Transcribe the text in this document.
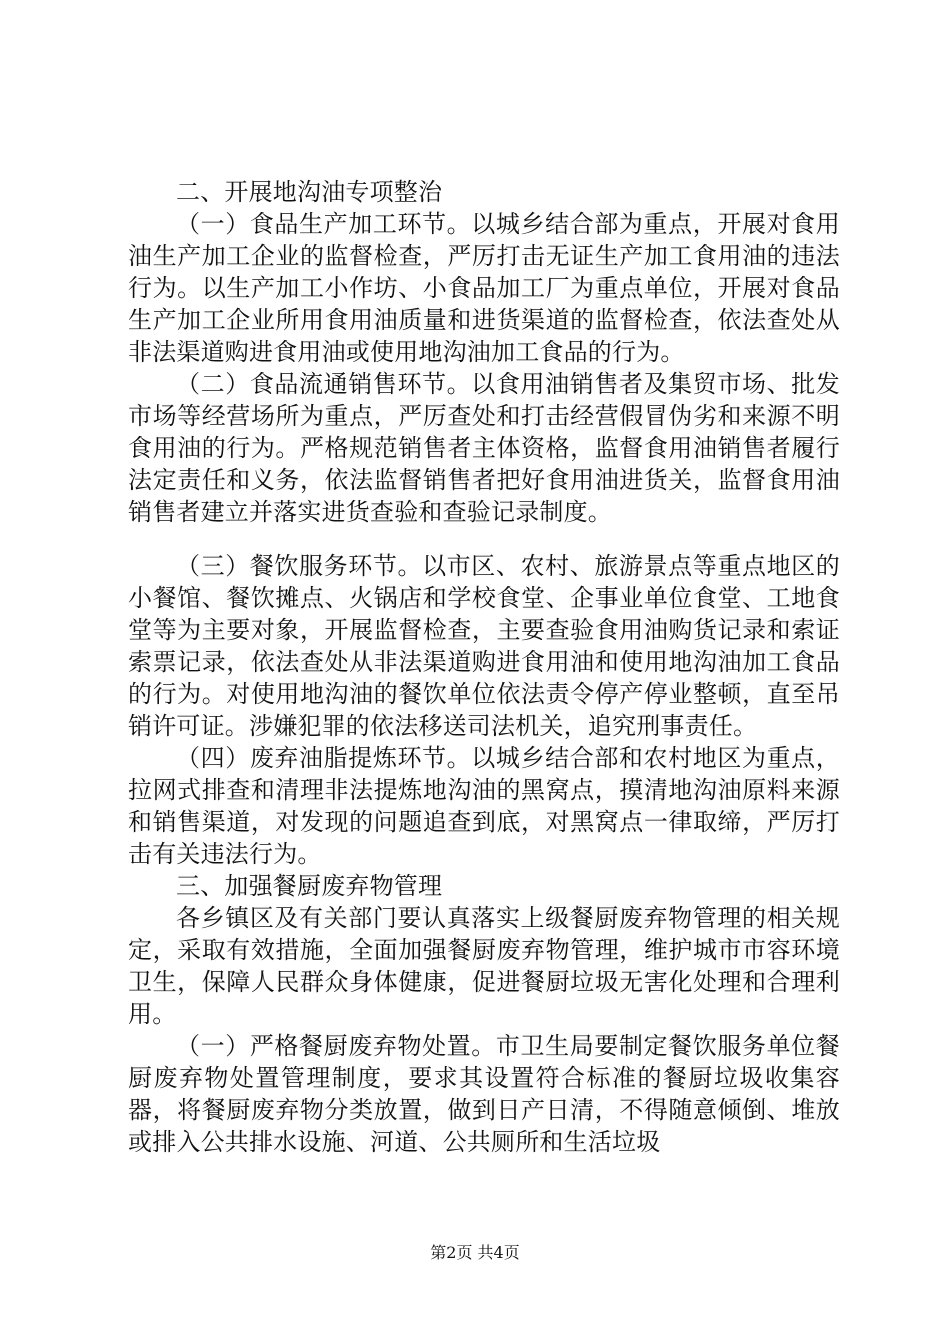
二、开展地沟油专项整治

（一）食品生产加工环节。以城乡结合部为重点，开展对食用油生产加工企业的监督检查，严厉打击无证生产加工食用油的违法行为。以生产加工小作坊、小食品加工厂为重点单位，开展对食品生产加工企业所用食用油质量和进货渠道的监督检查，依法查处从非法渠道购进食用油或使用地沟油加工食品的行为。

（二）食品流通销售环节。以食用油销售者及集贸市场、批发市场等经营场所为重点，严厉查处和打击经营假冒伪劣和来源不明食用油的行为。严格规范销售者主体资格，监督食用油销售者履行法定责任和义务，依法监督销售者把好食用油进货关，监督食用油销售者建立并落实进货查验和查验记录制度。

（三）餐饮服务环节。以市区、农村、旅游景点等重点地区的小餐馆、餐饮摊点、火锅店和学校食堂、企事业单位食堂、工地食堂等为主要对象，开展监督检查，主要查验食用油购货记录和索证索票记录，依法查处从非法渠道购进食用油和使用地沟油加工食品的行为。对使用地沟油的餐饮单位依法责令停产停业整顿，直至吊销许可证。涉嫌犯罪的依法移送司法机关，追究刑事责任。

（四）废弃油脂提炼环节。以城乡结合部和农村地区为重点，拉网式排查和清理非法提炼地沟油的黑窝点，摸清地沟油原料来源和销售渠道，对发现的问题追查到底，对黑窝点一律取缔，严厉打击有关违法行为。

三、加强餐厨废弃物管理

各乡镇区及有关部门要认真落实上级餐厨废弃物管理的相关规定，采取有效措施，全面加强餐厨废弃物管理，维护城市市容环境卫生，保障人民群众身体健康，促进餐厨垃圾无害化处理和合理利用。

（一）严格餐厨废弃物处置。市卫生局要制定餐饮服务单位餐厨废弃物处置管理制度，要求其设置符合标准的餐厨垃圾收集容器，将餐厨废弃物分类放置，做到日产日清，不得随意倾倒、堆放或排入公共排水设施、河道、公共厕所和生活垃圾

第2页 共4页
